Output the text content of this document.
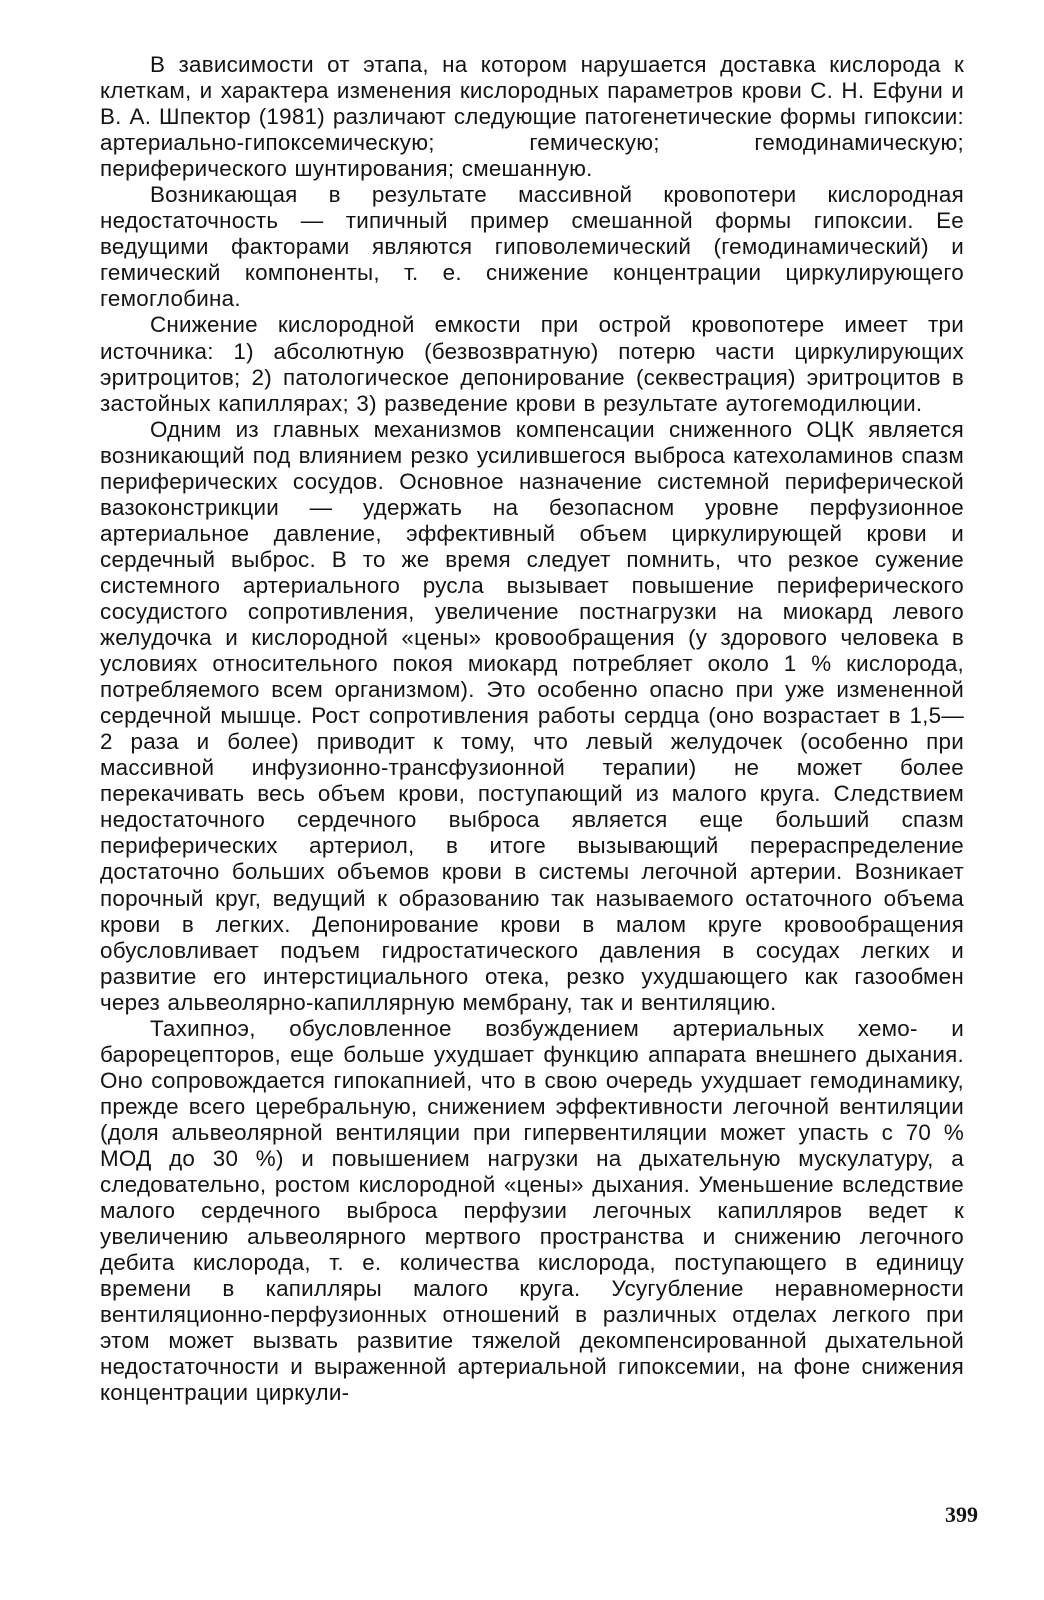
В зависимости от этапа, на котором нарушается доставка кислорода к клеткам, и характера изменения кислородных параметров крови С. Н. Ефуни и В. А. Шпектор (1981) различают следующие патогенетические формы гипоксии: артериально-гипоксемическую; гемическую; гемодинамическую; периферического шунтирования; смешанную.

Возникающая в результате массивной кровопотери кислородная недостаточность — типичный пример смешанной формы гипоксии. Ее ведущими факторами являются гиповолемический (гемодинамический) и гемический компоненты, т. е. снижение концентрации циркулирующего гемоглобина.

Снижение кислородной емкости при острой кровопотере имеет три источника: 1) абсолютную (безвозвратную) потерю части циркулирующих эритроцитов; 2) патологическое депонирование (секвестрация) эритроцитов в застойных капиллярах; 3) разведение крови в результате аутогемодилюции.

Одним из главных механизмов компенсации сниженного ОЦК является возникающий под влиянием резко усилившегося выброса катехоламинов спазм периферических сосудов. Основное назначение системной периферической вазоконстрикции — удержать на безопасном уровне перфузионное артериальное давление, эффективный объем циркулирующей крови и сердечный выброс. В то же время следует помнить, что резкое сужение системного артериального русла вызывает повышение периферического сосудистого сопротивления, увеличение постнагрузки на миокард левого желудочка и кислородной «цены» кровообращения (у здорового человека в условиях относительного покоя миокард потребляет около 1 % кислорода, потребляемого всем организмом). Это особенно опасно при уже измененной сердечной мышце. Рост сопротивления работы сердца (оно возрастает в 1,5—2 раза и более) приводит к тому, что левый желудочек (особенно при массивной инфузионно-трансфузионной терапии) не может более перекачивать весь объем крови, поступающий из малого круга. Следствием недостаточного сердечного выброса является еще больший спазм периферических артериол, в итоге вызывающий перераспределение достаточно больших объемов крови в системы легочной артерии. Возникает порочный круг, ведущий к образованию так называемого остаточного объема крови в легких. Депонирование крови в малом круге кровообращения обусловливает подъем гидростатического давления в сосудах легких и развитие его интерстициального отека, резко ухудшающего как газообмен через альвеолярно-капиллярную мембрану, так и вентиляцию.

Тахипноэ, обусловленное возбуждением артериальных хемо- и барорецепторов, еще больше ухудшает функцию аппарата внешнего дыхания. Оно сопровождается гипокапнией, что в свою очередь ухудшает гемодинамику, прежде всего церебральную, снижением эффективности легочной вентиляции (доля альвеолярной вентиляции при гипервентиляции может упасть с 70 % МОД до 30 %) и повышением нагрузки на дыхательную мускулатуру, а следовательно, ростом кислородной «цены» дыхания. Уменьшение вследствие малого сердечного выброса перфузии легочных капилляров ведет к увеличению альвеолярного мертвого пространства и снижению легочного дебита кислорода, т. е. количества кислорода, поступающего в единицу времени в капилляры малого круга. Усугубление неравномерности вентиляционно-перфузионных отношений в различных отделах легкого при этом может вызвать развитие тяжелой декомпенсированной дыхательной недостаточности и выраженной артериальной гипоксемии, на фоне снижения концентрации циркули-

399
